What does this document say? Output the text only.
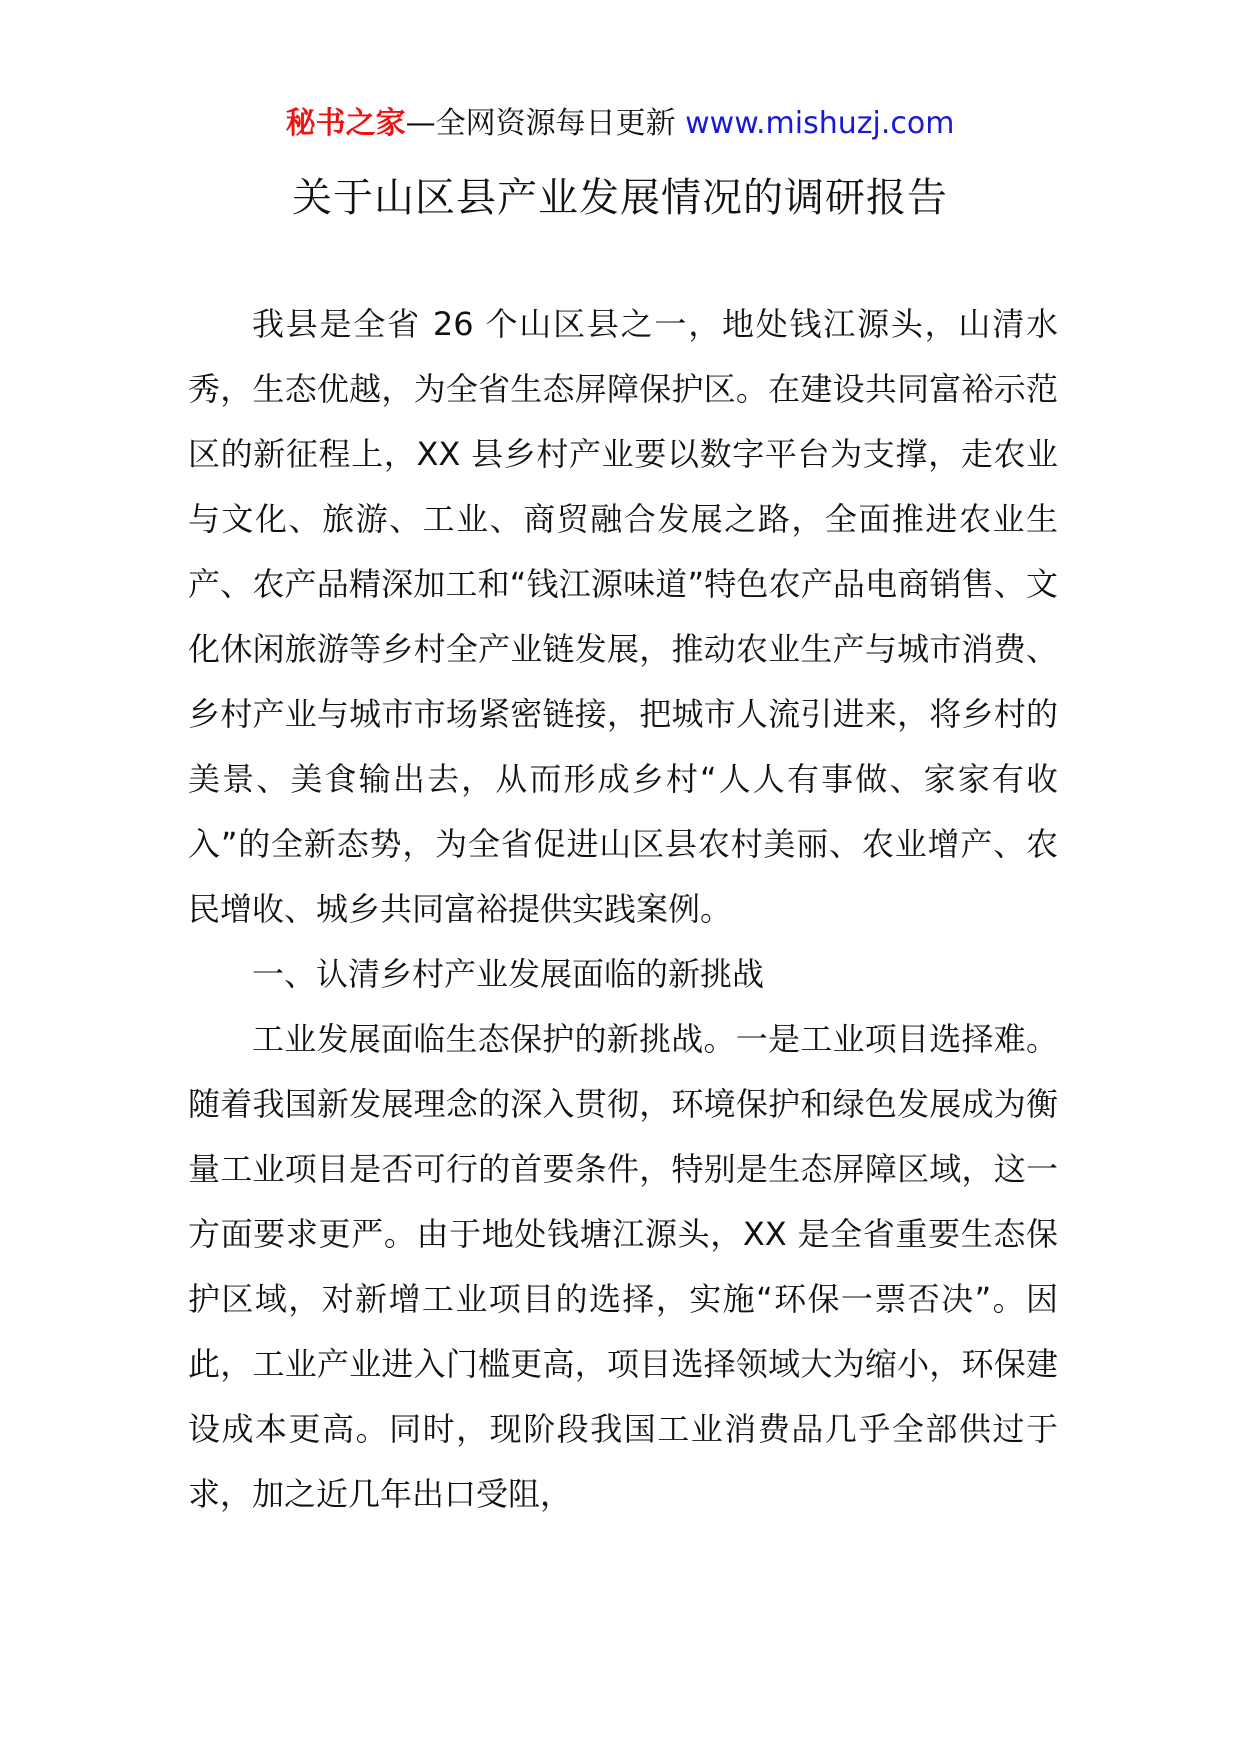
秘书之家—全网资源每日更新 www.mishuzj.com
关于山区县产业发展情况的调研报告

我县是全省 26 个山区县之一，地处钱江源头，山清水秀，生态优越，为全省生态屏障保护区。在建设共同富裕示范区的新征程上，XX 县乡村产业要以数字平台为支撑，走农业与文化、旅游、工业、商贸融合发展之路，全面推进农业生产、农产品精深加工和“钱江源味道”特色农产品电商销售、文化休闲旅游等乡村全产业链发展，推动农业生产与城市消费、乡村产业与城市市场紧密链接，把城市人流引进来，将乡村的美景、美食输出去，从而形成乡村“人人有事做、家家有收入”的全新态势，为全省促进山区县农村美丽、农业增产、农民增收、城乡共同富裕提供实践案例。

一、认清乡村产业发展面临的新挑战

工业发展面临生态保护的新挑战。一是工业项目选择难。随着我国新发展理念的深入贯彻，环境保护和绿色发展成为衡量工业项目是否可行的首要条件，特别是生态屏障区域，这一方面要求更严。由于地处钱塘江源头，XX 是全省重要生态保护区域，对新增工业项目的选择，实施“环保一票否决”。因此，工业产业进入门槛更高，项目选择领域大为缩小，环保建设成本更高。同时，现阶段我国工业消费品几乎全部供过于求，加之近几年出口受阻，
